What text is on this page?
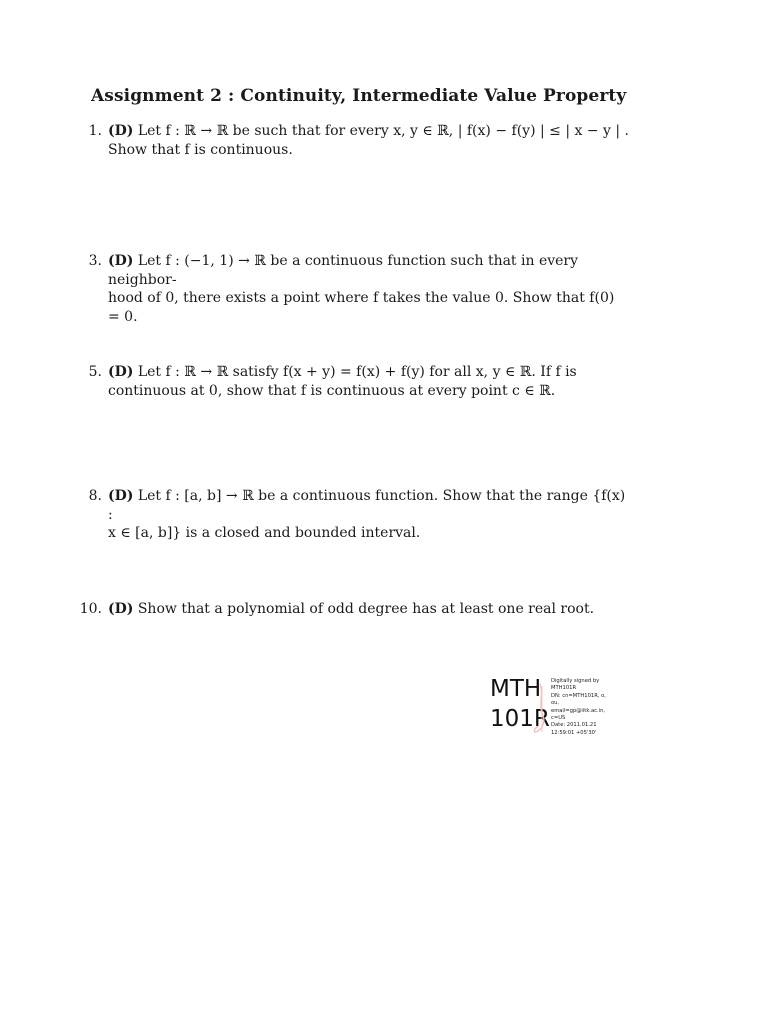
Assignment 2 : Continuity, Intermediate Value Property
1. (D) Let f : ℝ → ℝ be such that for every x, y ∈ ℝ, | f(x) − f(y) | ≤ | x − y | .
Show that f is continuous.
3. (D) Let f : (−1, 1) → ℝ be a continuous function such that in every neighbor-
hood of 0, there exists a point where f takes the value 0. Show that f(0) = 0.
5. (D) Let f : ℝ → ℝ satisfy f(x + y) = f(x) + f(y) for all x, y ∈ ℝ. If f is
continuous at 0, show that f is continuous at every point c ∈ ℝ.
8. (D) Let f : [a, b] → ℝ be a continuous function. Show that the range {f(x) :
x ∈ [a, b]} is a closed and bounded interval.
10. (D) Show that a polynomial of odd degree has at least one real root.
MTH
101R
Digitally signed by
MTH101R
DN: cn=MTH101R, o,
ou,
email=gp@iitk.ac.in,
c=US
Date: 2011.01.21
12:59:01 +05'30'
